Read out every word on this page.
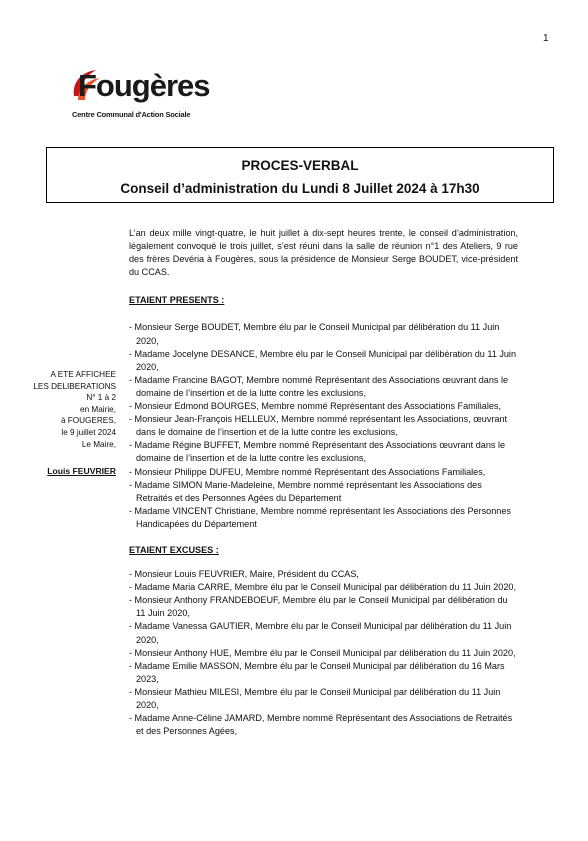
1
Fougères
Centre Communal d'Action Sociale
PROCES-VERBAL
Conseil d’administration du Lundi 8 Juillet 2024 à 17h30
A ETE AFFICHEE
LES DELIBERATIONS
N° 1 à 2
en Mairie,
à FOUGERES,
le 9 juillet 2024
Le Maire,
Louis FEUVRIER

L’an deux mille vingt-quatre, le huit juillet à dix-sept heures trente, le conseil d’administration, légalement convoqué le trois juillet, s’est réuni dans la salle de réunion n°1 des Ateliers, 9 rue des frères Devéria à Fougères, sous la présidence de Monsieur Serge BOUDET, vice-président du CCAS.

ETAIENT PRESENTS :
- Monsieur Serge BOUDET, Membre élu par le Conseil Municipal par délibération du 11 Juin 2020,
- Madame Jocelyne DESANCE, Membre élu par le Conseil Municipal par délibération du 11 Juin 2020,
- Madame Francine BAGOT, Membre nommé Représentant des Associations œuvrant dans le domaine de l’insertion et de la lutte contre les exclusions,
- Monsieur Edmond BOURGES, Membre nommé Représentant des Associations Familiales,
- Monsieur Jean-François HELLEUX, Membre nommé représentant les Associations, œuvrant dans le domaine de l’insertion et de la lutte contre les exclusions,
- Madame Régine BUFFET, Membre nommé Représentant des Associations œuvrant dans le domaine de l’insertion et de la lutte contre les exclusions,
- Monsieur Philippe DUFEU, Membre nommé Représentant des Associations Familiales,
- Madame SIMON Marie-Madeleine, Membre nommé représentant les Associations des Retraités et des Personnes Agées du Département
- Madame VINCENT Christiane, Membre nommé représentant les Associations des Personnes Handicapées du Département
ETAIENT EXCUSES :
- Monsieur Louis FEUVRIER, Maire, Président du CCAS,
- Madame Maria CARRE, Membre élu par le Conseil Municipal par délibération du 11 Juin 2020,
- Monsieur Anthony FRANDEBOEUF, Membre élu par le Conseil Municipal par délibération du 11 Juin 2020,
- Madame Vanessa GAUTIER, Membre élu par le Conseil Municipal par délibération du 11 Juin 2020,
- Monsieur Anthony HUE, Membre élu par le Conseil Municipal par délibération du 11 Juin 2020,
- Madame Emilie MASSON, Membre élu par le Conseil Municipal par délibération du 16 Mars 2023,
- Monsieur Mathieu MILESI, Membre élu par le Conseil Municipal par délibération du 11 Juin 2020,
- Madame Anne-Céline JAMARD, Membre nommé Représentant des Associations de Retraités et des Personnes Agées,
